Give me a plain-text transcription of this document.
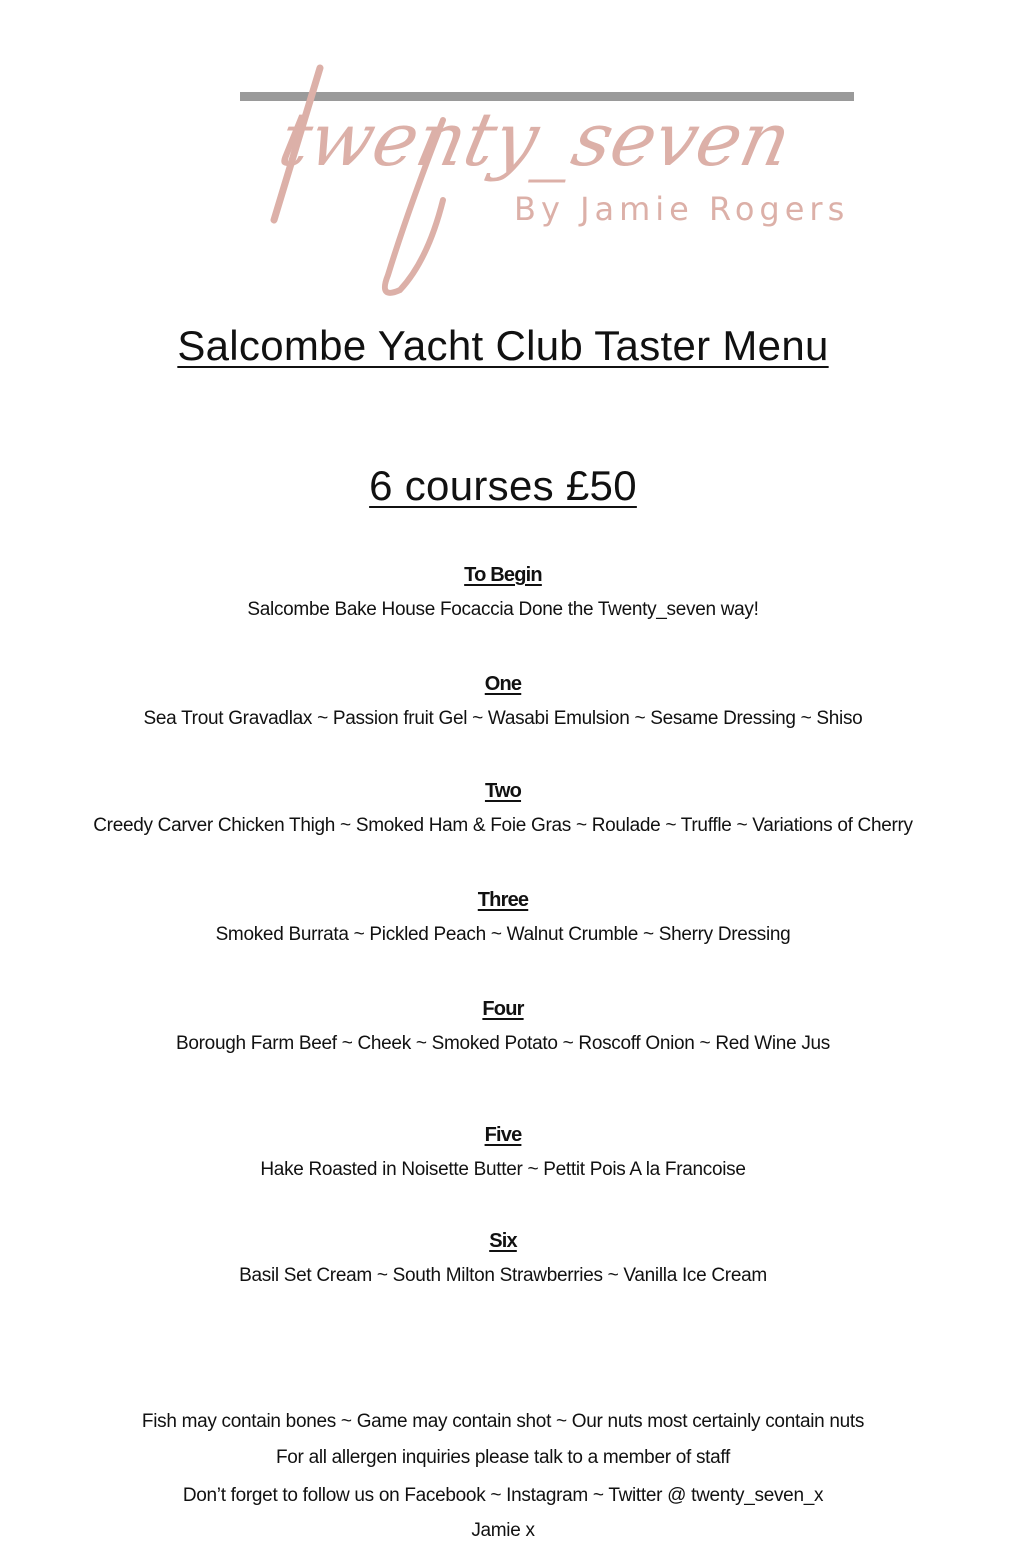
twenty_seven
By Jamie Rogers
Salcombe Yacht Club Taster Menu
6 courses £50
To Begin
Salcombe Bake House Focaccia Done the Twenty_seven way!
One
Sea Trout Gravadlax ~ Passion fruit Gel ~ Wasabi Emulsion ~ Sesame Dressing ~ Shiso
Two
Creedy Carver Chicken Thigh ~ Smoked Ham & Foie Gras ~ Roulade ~ Truffle ~ Variations of Cherry
Three
Smoked Burrata ~ Pickled Peach ~ Walnut Crumble ~ Sherry Dressing
Four
Borough Farm Beef ~ Cheek ~ Smoked Potato ~ Roscoff Onion ~ Red Wine Jus
Five
Hake Roasted in Noisette Butter ~ Pettit Pois A la Francoise
Six
Basil Set Cream ~ South Milton Strawberries ~ Vanilla Ice Cream
Fish may contain bones ~ Game may contain shot ~ Our nuts most certainly contain nuts
For all allergen inquiries please talk to a member of staff
Don’t forget to follow us on Facebook ~ Instagram ~ Twitter @ twenty_seven_x
Jamie x
